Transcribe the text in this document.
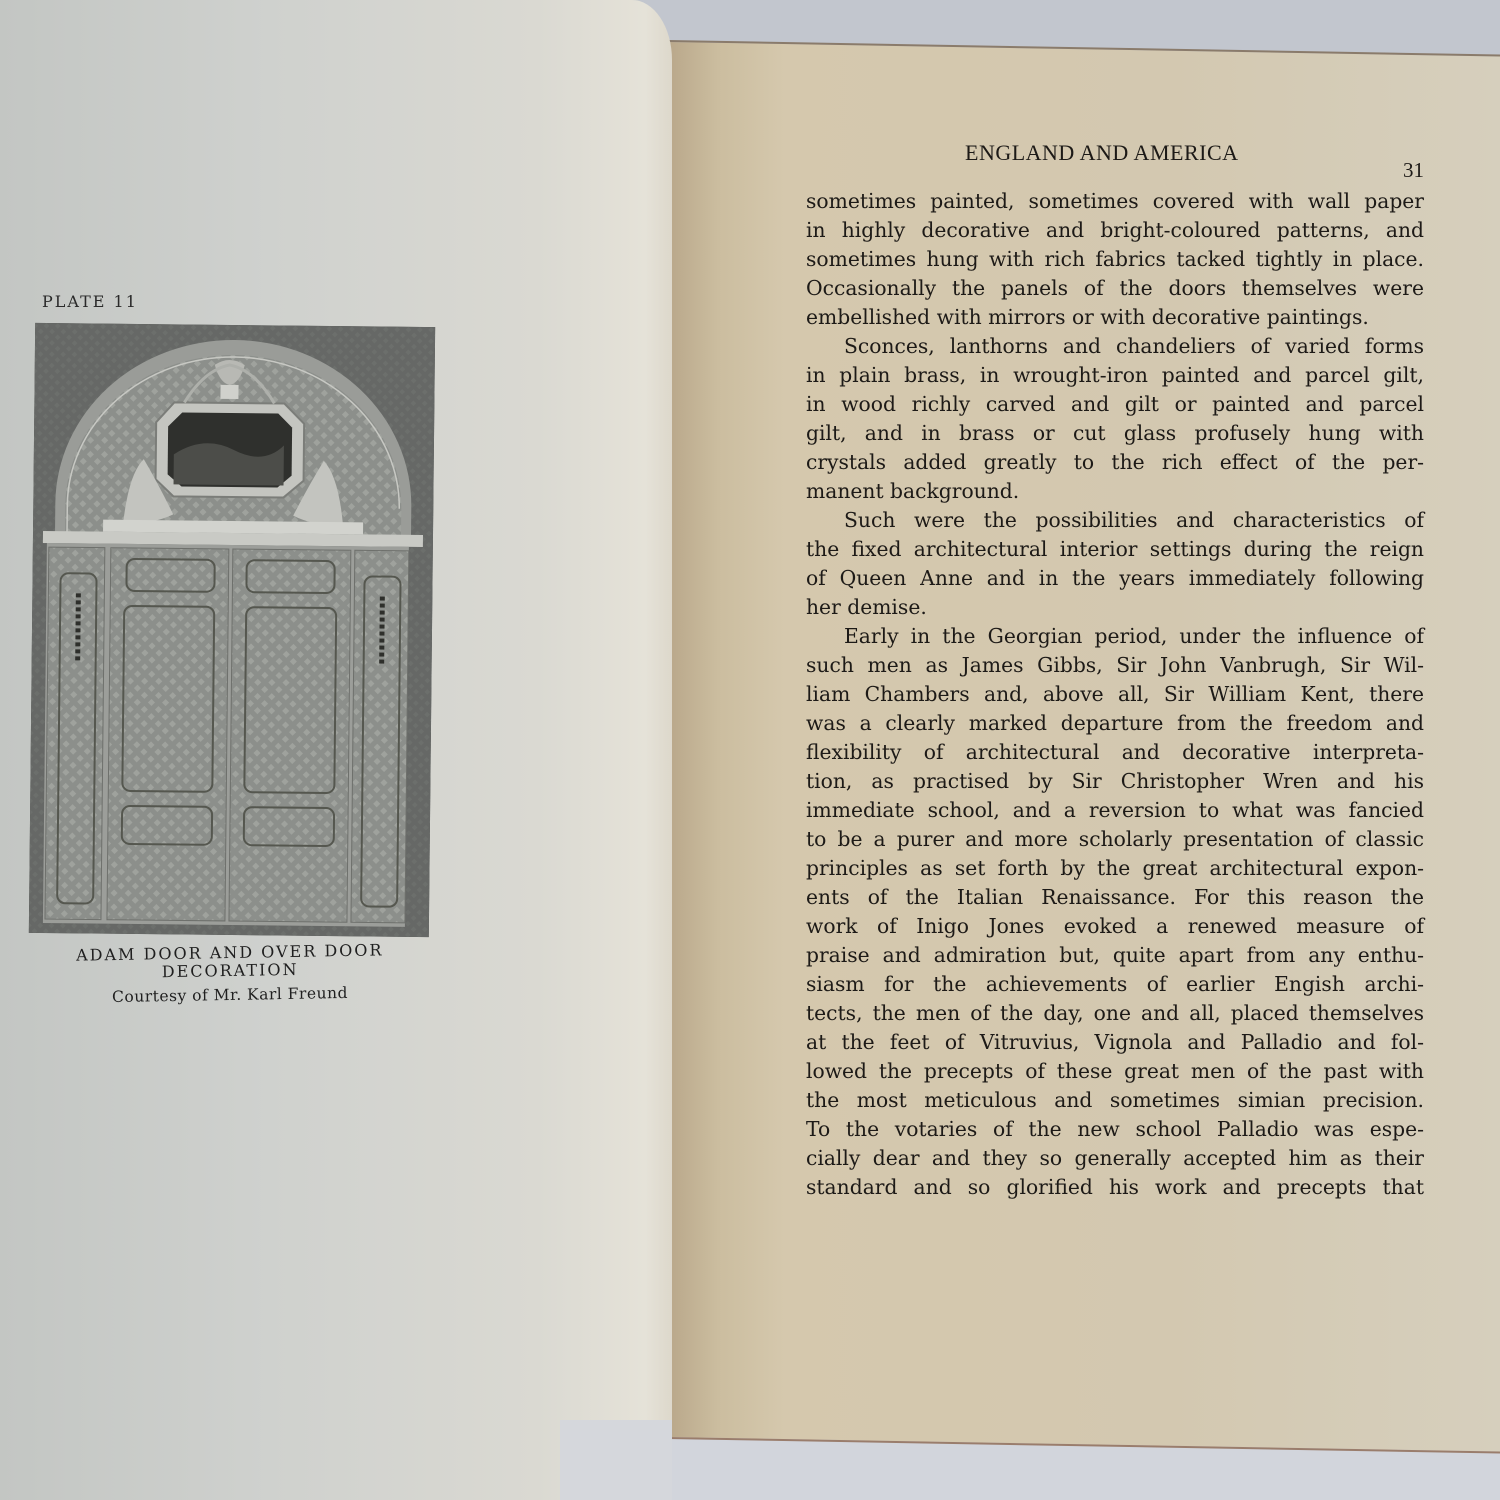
PLATE 11
ADAM DOOR AND OVER DOOR
DECORATION
Courtesy of Mr. Karl Freund
ENGLAND AND AMERICA
31
sometimes painted, sometimes covered with wall paper
in highly decorative and bright-coloured patterns, and
sometimes hung with rich fabrics tacked tightly in place.
Occasionally the panels of the doors themselves were
embellished with mirrors or with decorative paintings.
Sconces, lanthorns and chandeliers of varied forms
in plain brass, in wrought-iron painted and parcel gilt,
in wood richly carved and gilt or painted and parcel
gilt, and in brass or cut glass profusely hung with
crystals added greatly to the rich effect of the per-
manent background.
Such were the possibilities and characteristics of
the fixed architectural interior settings during the reign
of Queen Anne and in the years immediately following
her demise.
Early in the Georgian period, under the influence of
such men as James Gibbs, Sir John Vanbrugh, Sir Wil-
liam Chambers and, above all, Sir William Kent, there
was a clearly marked departure from the freedom and
flexibility of architectural and decorative interpreta-
tion, as practised by Sir Christopher Wren and his
immediate school, and a reversion to what was fancied
to be a purer and more scholarly presentation of classic
principles as set forth by the great architectural expon-
ents of the Italian Renaissance. For this reason the
work of Inigo Jones evoked a renewed measure of
praise and admiration but, quite apart from any enthu-
siasm for the achievements of earlier Engish archi-
tects, the men of the day, one and all, placed themselves
at the feet of Vitruvius, Vignola and Palladio and fol-
lowed the precepts of these great men of the past with
the most meticulous and sometimes simian precision.
To the votaries of the new school Palladio was espe-
cially dear and they so generally accepted him as their
standard and so glorified his work and precepts that
